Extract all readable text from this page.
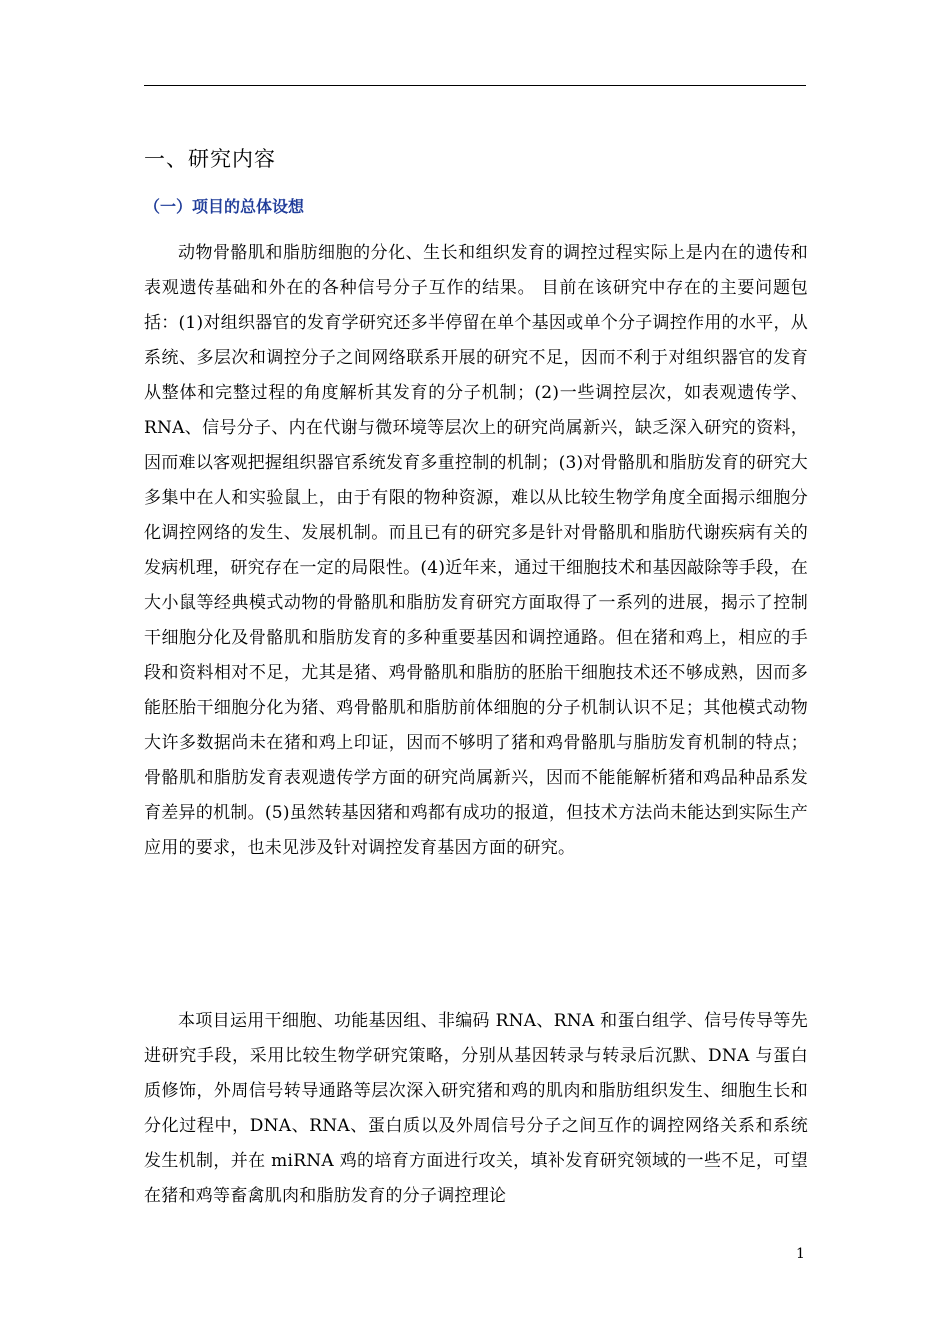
一、研究内容
（一）项目的总体设想

动物骨骼肌和脂肪细胞的分化、生长和组织发育的调控过程实际上是内在的遗传和表观遗传基础和外在的各种信号分子互作的结果。 目前在该研究中存在的主要问题包括：(1)对组织器官的发育学研究还多半停留在单个基因或单个分子调控作用的水平，从系统、多层次和调控分子之间网络联系开展的研究不足，因而不利于对组织器官的发育从整体和完整过程的角度解析其发育的分子机制；(2)一些调控层次，如表观遗传学、RNA、信号分子、内在代谢与微环境等层次上的研究尚属新兴，缺乏深入研究的资料，因而难以客观把握组织器官系统发育多重控制的机制；(3)对骨骼肌和脂肪发育的研究大多集中在人和实验鼠上，由于有限的物种资源，难以从比较生物学角度全面揭示细胞分化调控网络的发生、发展机制。而且已有的研究多是针对骨骼肌和脂肪代谢疾病有关的发病机理，研究存在一定的局限性。(4)近年来，通过干细胞技术和基因敲除等手段，在大小鼠等经典模式动物的骨骼肌和脂肪发育研究方面取得了一系列的进展，揭示了控制干细胞分化及骨骼肌和脂肪发育的多种重要基因和调控通路。但在猪和鸡上，相应的手段和资料相对不足，尤其是猪、鸡骨骼肌和脂肪的胚胎干细胞技术还不够成熟，因而多能胚胎干细胞分化为猪、鸡骨骼肌和脂肪前体细胞的分子机制认识不足；其他模式动物大许多数据尚未在猪和鸡上印证，因而不够明了猪和鸡骨骼肌与脂肪发育机制的特点；骨骼肌和脂肪发育表观遗传学方面的研究尚属新兴，因而不能能解析猪和鸡品种品系发育差异的机制。(5)虽然转基因猪和鸡都有成功的报道，但技术方法尚未能达到实际生产应用的要求，也未见涉及针对调控发育基因方面的研究。

本项目运用干细胞、功能基因组、非编码 RNA、RNA 和蛋白组学、信号传导等先进研究手段，采用比较生物学研究策略，分别从基因转录与转录后沉默、DNA 与蛋白质修饰，外周信号转导通路等层次深入研究猪和鸡的肌肉和脂肪组织发生、细胞生长和分化过程中，DNA、RNA、蛋白质以及外周信号分子之间互作的调控网络关系和系统发生机制，并在 miRNA 鸡的培育方面进行攻关，填补发育研究领域的一些不足，可望在猪和鸡等畜禽肌肉和脂肪发育的分子调控理论

1
